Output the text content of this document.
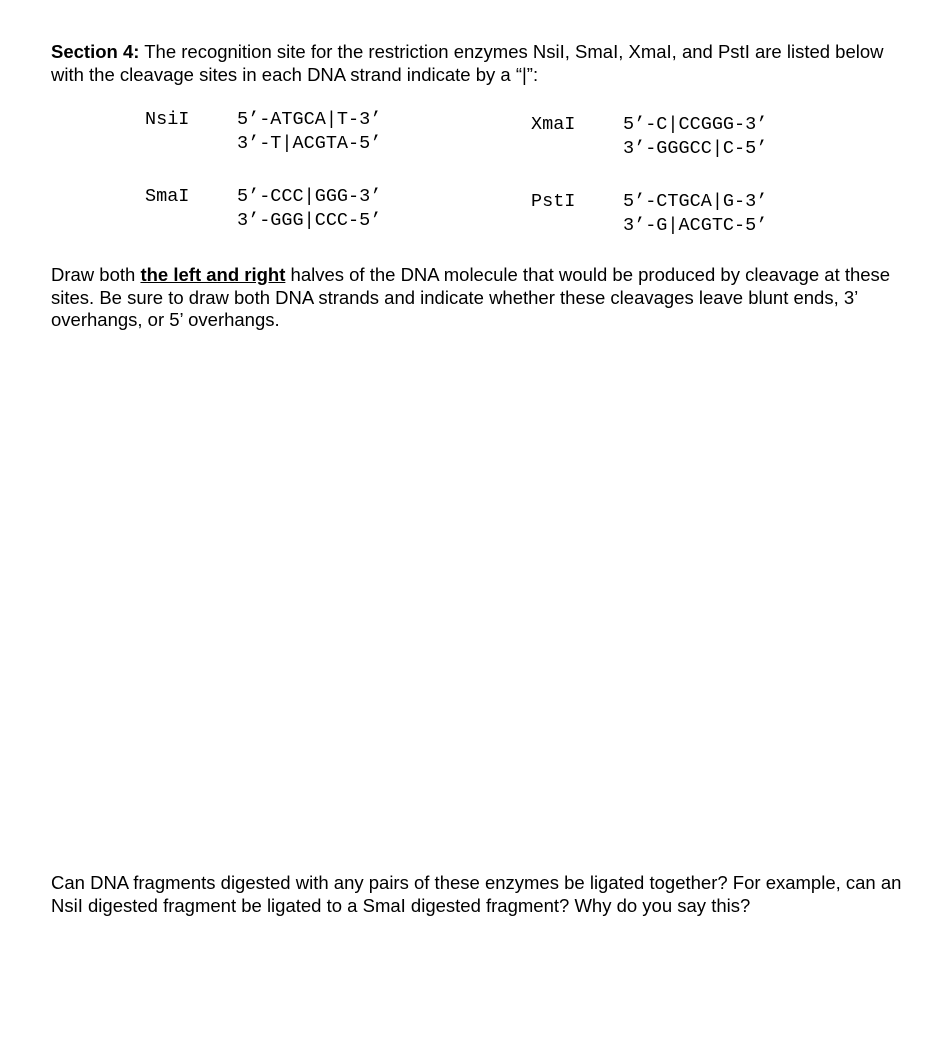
Section 4: The recognition site for the restriction enzymes NsiI, SmaI, XmaI, and PstI are listed below with the cleavage sites in each DNA strand indicate by a “|”:

NsiI	5’-ATGCA|T-3’
3’-T|ACGTA-5’
XmaI	5’-C|CCGGG-3’
3’-GGGCC|C-5’
SmaI	5’-CCC|GGG-3’
3’-GGG|CCC-5’
PstI	5’-CTGCA|G-3’
3’-G|ACGTC-5’

Draw both the left and right halves of the DNA molecule that would be produced by cleavage at these sites. Be sure to draw both DNA strands and indicate whether these cleavages leave blunt ends, 3’ overhangs, or 5’ overhangs.

Can DNA fragments digested with any pairs of these enzymes be ligated together? For example, can an NsiI digested fragment be ligated to a SmaI digested fragment? Why do you say this?
